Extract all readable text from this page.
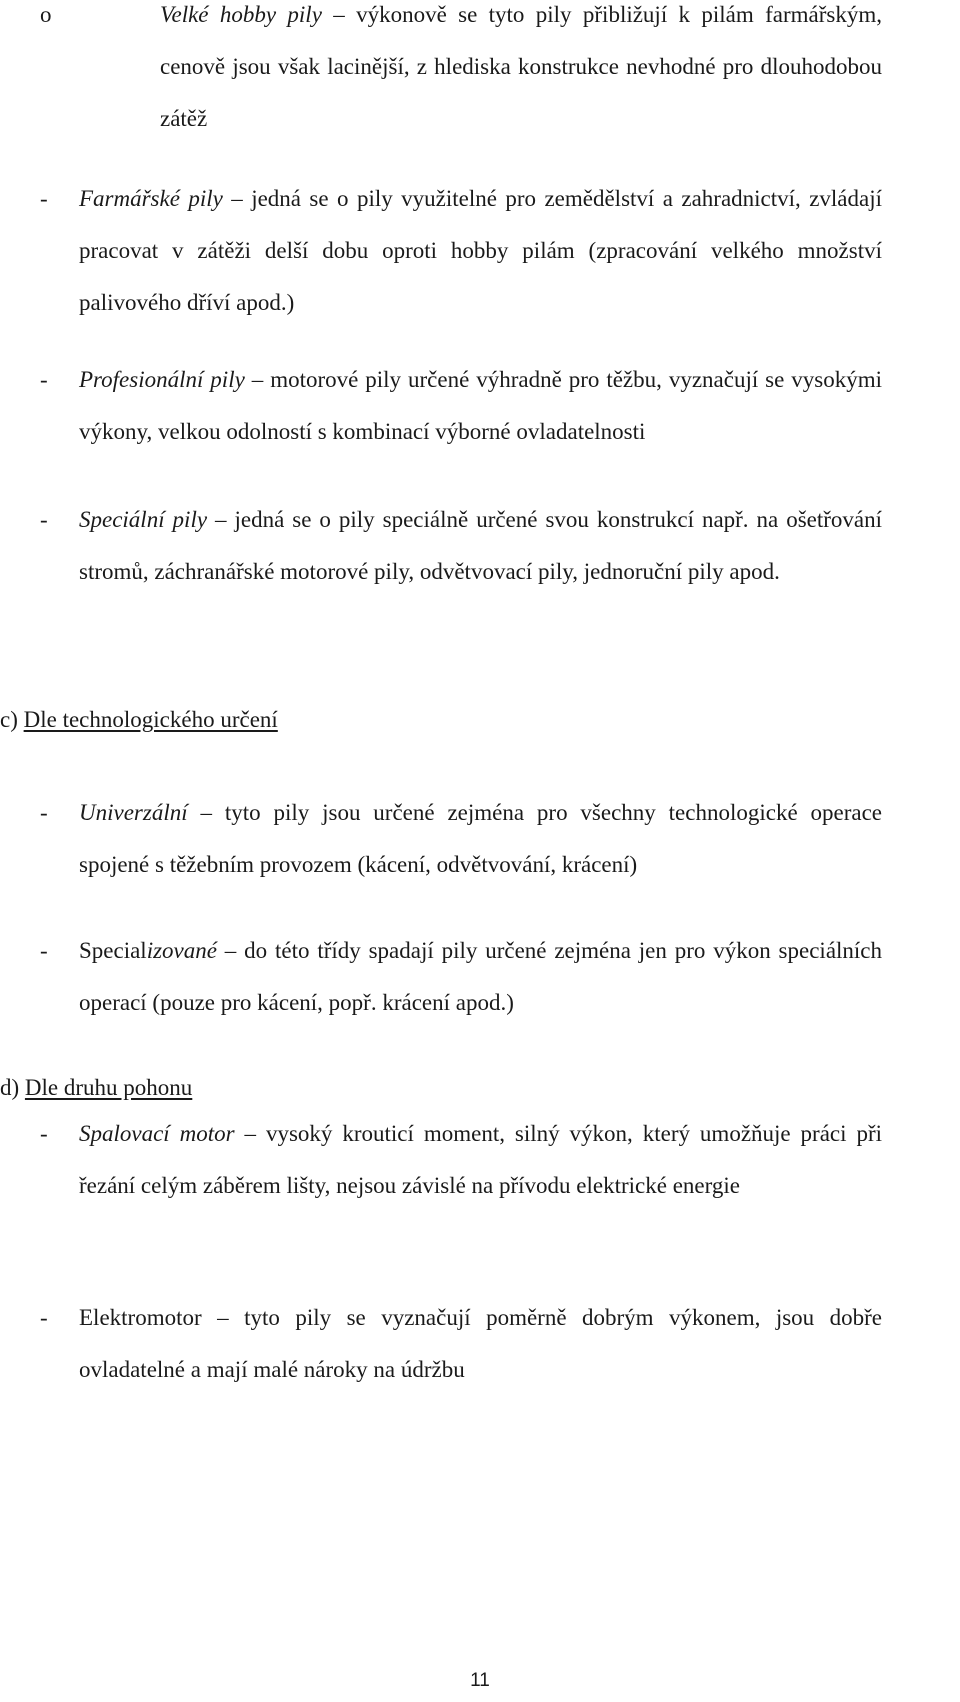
o	Velké hobby pily – výkonově se tyto pily přibližují k pilám farmářským, cenově jsou však lacinější, z hlediska konstrukce nevhodné pro dlouhodobou zátěž
- Farmářské pily – jedná se o pily využitelné pro zemědělství a zahradnictví, zvládají pracovat v zátěži delší dobu oproti hobby pilám (zpracování velkého množství palivového dříví apod.)
- Profesionální pily – motorové pily určené výhradně pro těžbu, vyznačují se vysokými výkony, velkou odolností s kombinací výborné ovladatelnosti
- Speciální pily – jedná se o pily speciálně určené svou konstrukcí např. na ošetřování stromů, záchranářské motorové pily, odvětvovací pily, jednoruční pily apod.
c) Dle technologického určení
- Univerzální – tyto pily jsou určené zejména pro všechny technologické operace spojené s těžebním provozem (kácení, odvětvování, krácení)
- Specializované – do této třídy spadají pily určené zejména jen pro výkon speciálních operací (pouze pro kácení, popř. krácení apod.)
d) Dle druhu pohonu
- Spalovací motor – vysoký krouticí moment, silný výkon, který umožňuje práci při řezání celým záběrem lišty, nejsou závislé na přívodu elektrické energie
- Elektromotor – tyto pily se vyznačují poměrně dobrým výkonem, jsou dobře ovladatelné a mají malé nároky na údržbu
11
